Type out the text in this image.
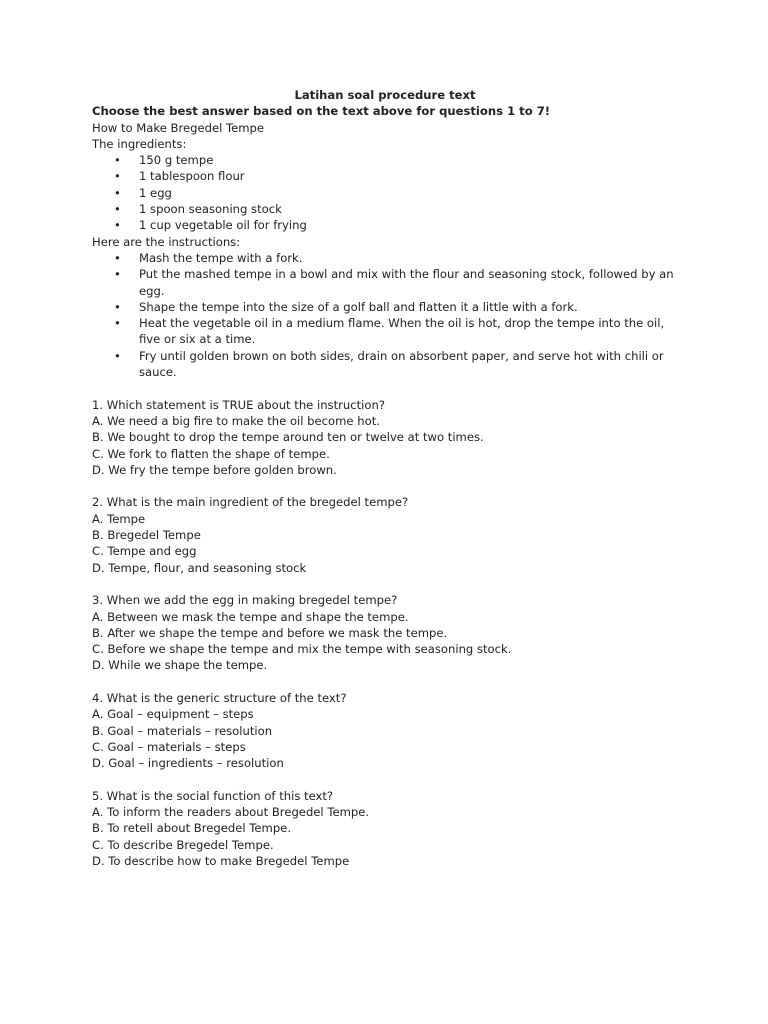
Latihan soal procedure text

Choose the best answer based on the text above for questions 1 to 7!

How to Make Bregedel Tempe

The ingredients:

• 150 g tempe
• 1 tablespoon flour
• 1 egg
• 1 spoon seasoning stock
• 1 cup vegetable oil for frying

Here are the instructions:

• Mash the tempe with a fork.
• Put the mashed tempe in a bowl and mix with the flour and seasoning stock, followed by an egg.
• Shape the tempe into the size of a golf ball and flatten it a little with a fork.
• Heat the vegetable oil in a medium flame. When the oil is hot, drop the tempe into the oil, five or six at a time.
• Fry until golden brown on both sides, drain on absorbent paper, and serve hot with chili or sauce.

1. Which statement is TRUE about the instruction?

A. We need a big fire to make the oil become hot.

B. We bought to drop the tempe around ten or twelve at two times.

C. We fork to flatten the shape of tempe.

D. We fry the tempe before golden brown.

2. What is the main ingredient of the bregedel tempe?

A. Tempe

B. Bregedel Tempe

C. Tempe and egg

D. Tempe, flour, and seasoning stock

3. When we add the egg in making bregedel tempe?

A. Between we mask the tempe and shape the tempe.

B. After we shape the tempe and before we mask the tempe.

C. Before we shape the tempe and mix the tempe with seasoning stock.

D. While we shape the tempe.

4. What is the generic structure of the text?

A. Goal – equipment – steps

B. Goal – materials – resolution

C. Goal – materials – steps

D. Goal – ingredients – resolution

5. What is the social function of this text?

A. To inform the readers about Bregedel Tempe.

B. To retell about Bregedel Tempe.

C. To describe Bregedel Tempe.

D. To describe how to make Bregedel Tempe
